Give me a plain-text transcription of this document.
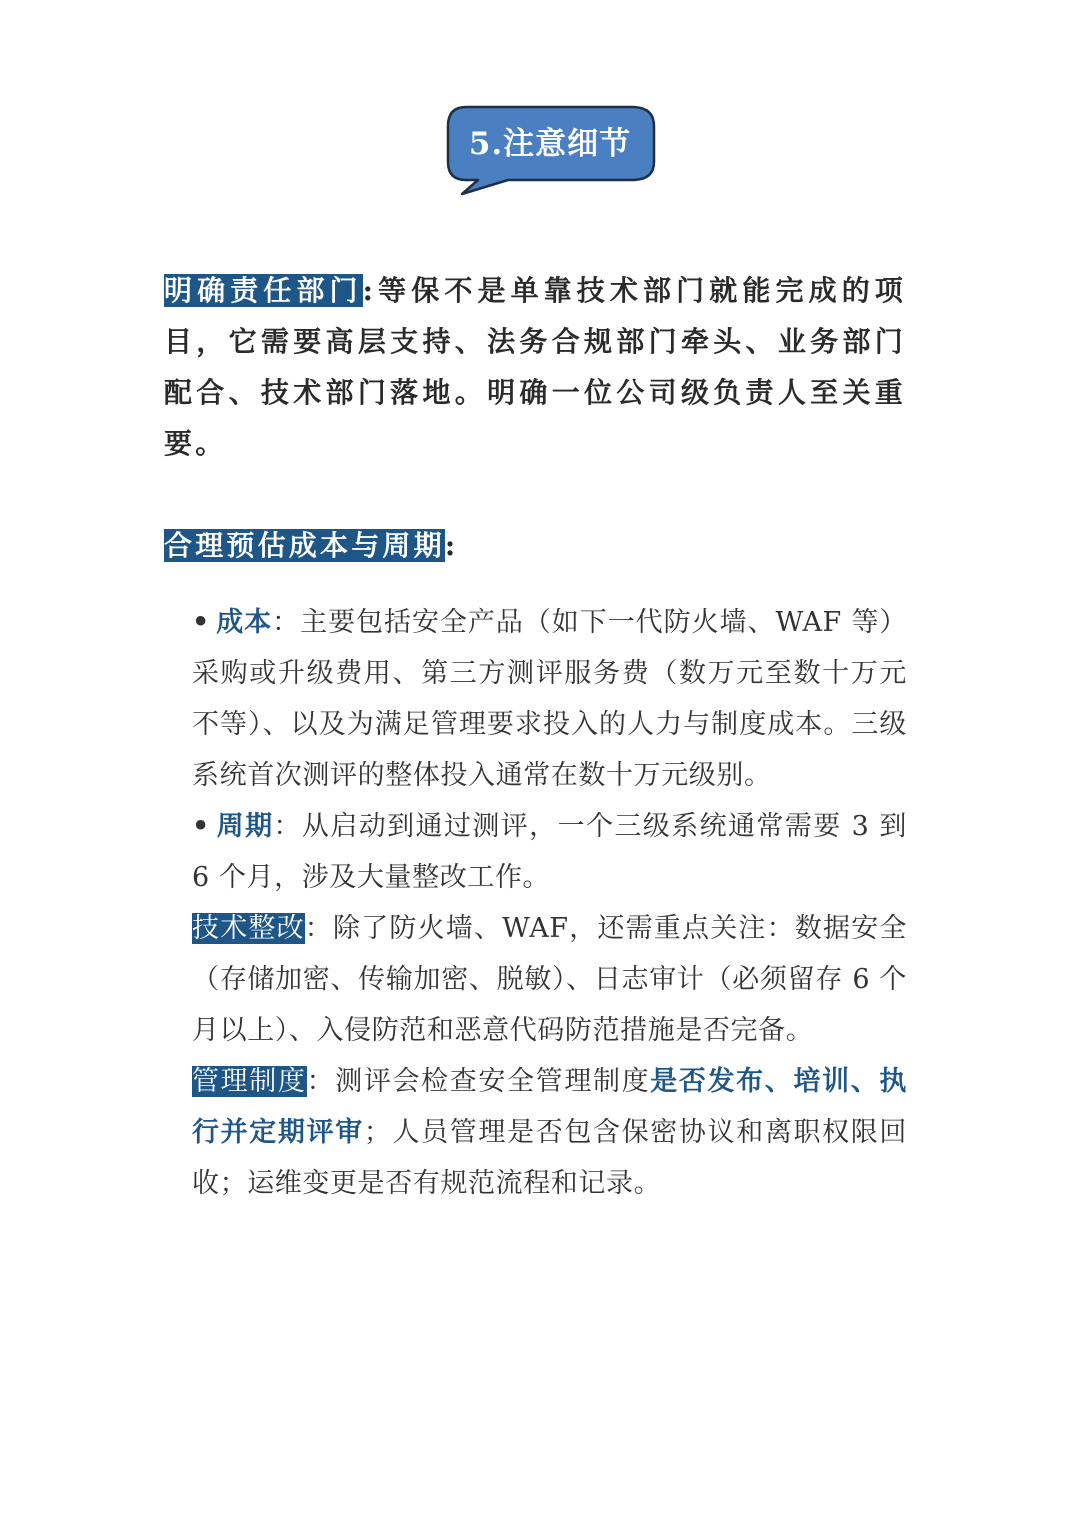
5.注意细节

明确责任部门:等保不是单靠技术部门就能完成的项目，它需要高层支持、法务合规部门牵头、业务部门配合、技术部门落地。明确一位公司级负责人至关重要。

合理预估成本与周期:

• 成本：主要包括安全产品（如下一代防火墙、WAF 等）采购或升级费用、第三方测评服务费（数万元至数十万元不等）、以及为满足管理要求投入的人力与制度成本。三级系统首次测评的整体投入通常在数十万元级别。

• 周期：从启动到通过测评，一个三级系统通常需要 3 到 6 个月，涉及大量整改工作。

技术整改：除了防火墙、WAF，还需重点关注：数据安全（存储加密、传输加密、脱敏）、日志审计（必须留存 6 个月以上）、入侵防范和恶意代码防范措施是否完备。

管理制度：测评会检查安全管理制度是否发布、培训、执行并定期评审；人员管理是否包含保密协议和离职权限回收；运维变更是否有规范流程和记录。
